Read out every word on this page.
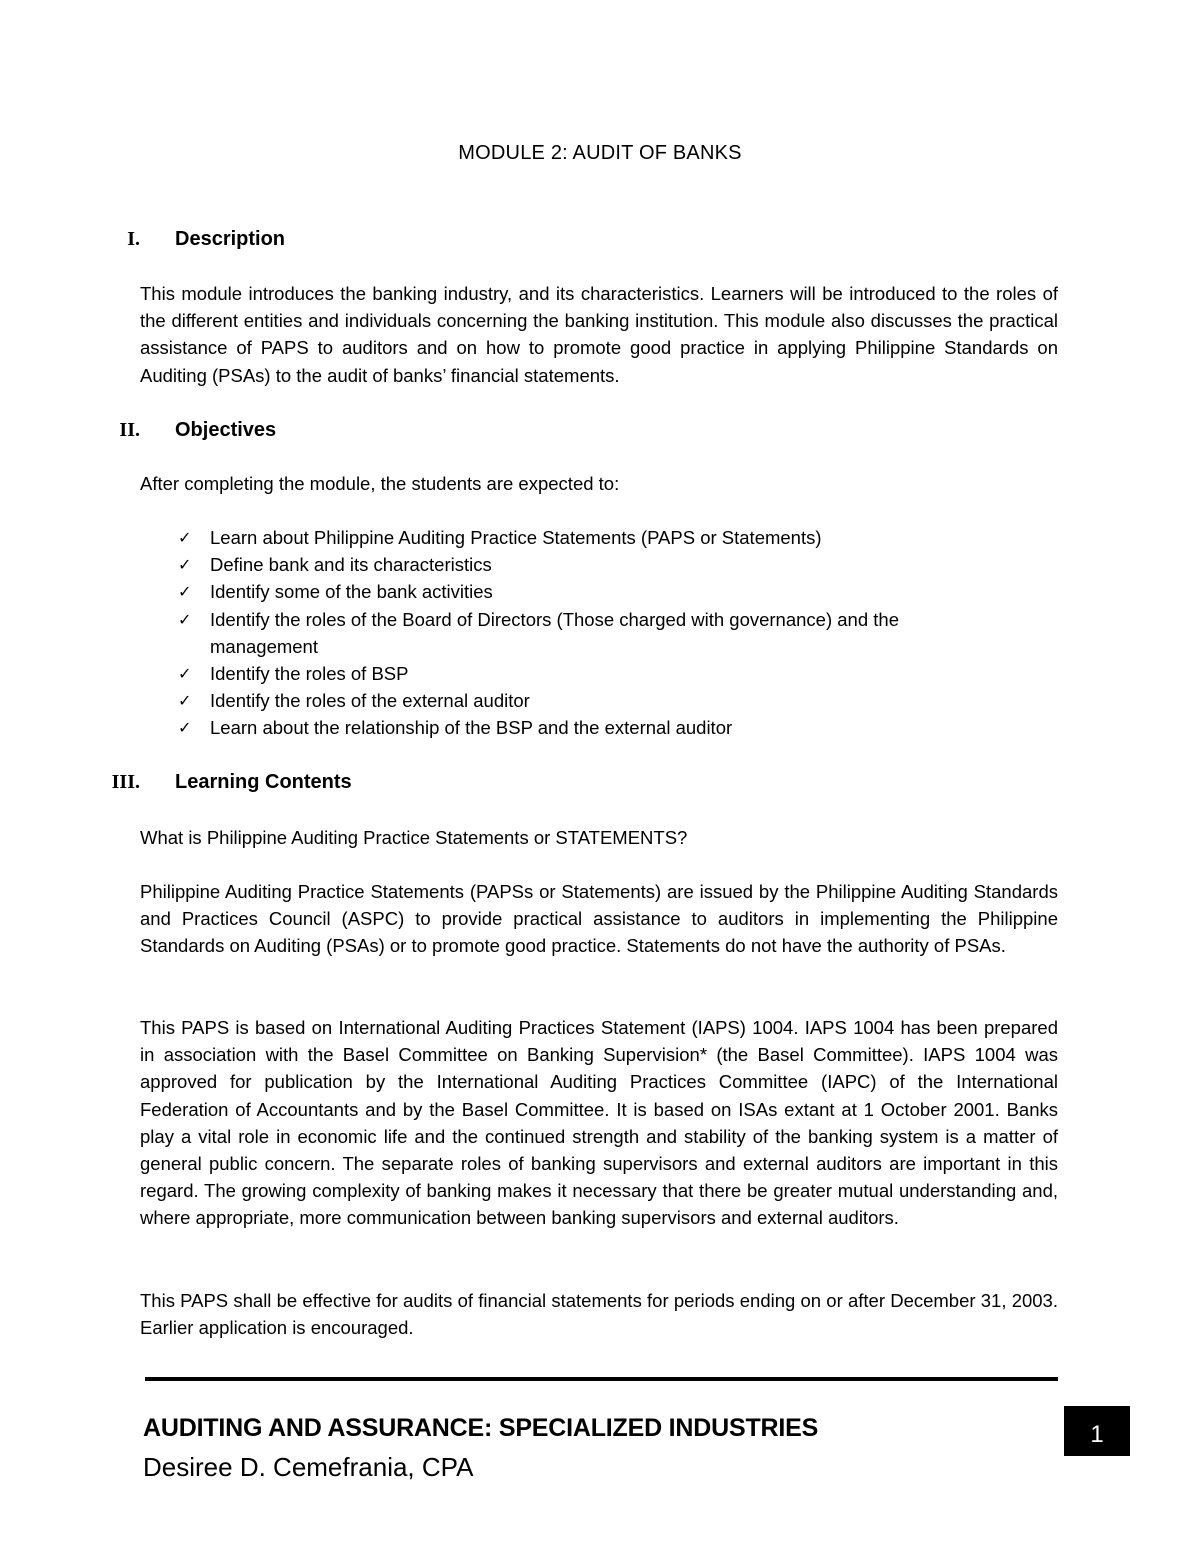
MODULE 2: AUDIT OF BANKS
I. Description

This module introduces the banking industry, and its characteristics. Learners will be introduced to the roles of the different entities and individuals concerning the banking institution. This module also discusses the practical assistance of PAPS to auditors and on how to promote good practice in applying Philippine Standards on Auditing (PSAs) to the audit of banks’ financial statements.

II. Objectives

After completing the module, the students are expected to:

✓ Learn about Philippine Auditing Practice Statements (PAPS or Statements)
✓ Define bank and its characteristics
✓ Identify some of the bank activities
✓ Identify the roles of the Board of Directors (Those charged with governance) and the management
✓ Identify the roles of BSP
✓ Identify the roles of the external auditor
✓ Learn about the relationship of the BSP and the external auditor
III. Learning Contents

What is Philippine Auditing Practice Statements or STATEMENTS?

Philippine Auditing Practice Statements (PAPSs or Statements) are issued by the Philippine Auditing Standards and Practices Council (ASPC) to provide practical assistance to auditors in implementing the Philippine Standards on Auditing (PSAs) or to promote good practice. Statements do not have the authority of PSAs.

This PAPS is based on International Auditing Practices Statement (IAPS) 1004. IAPS 1004 has been prepared in association with the Basel Committee on Banking Supervision* (the Basel Committee). IAPS 1004 was approved for publication by the International Auditing Practices Committee (IAPC) of the International Federation of Accountants and by the Basel Committee. It is based on ISAs extant at 1 October 2001. Banks play a vital role in economic life and the continued strength and stability of the banking system is a matter of general public concern. The separate roles of banking supervisors and external auditors are important in this regard. The growing complexity of banking makes it necessary that there be greater mutual understanding and, where appropriate, more communication between banking supervisors and external auditors.

This PAPS shall be effective for audits of financial statements for periods ending on or after December 31, 2003. Earlier application is encouraged.

AUDITING AND ASSURANCE: SPECIALIZED INDUSTRIES
Desiree D. Cemefrania, CPA
1
